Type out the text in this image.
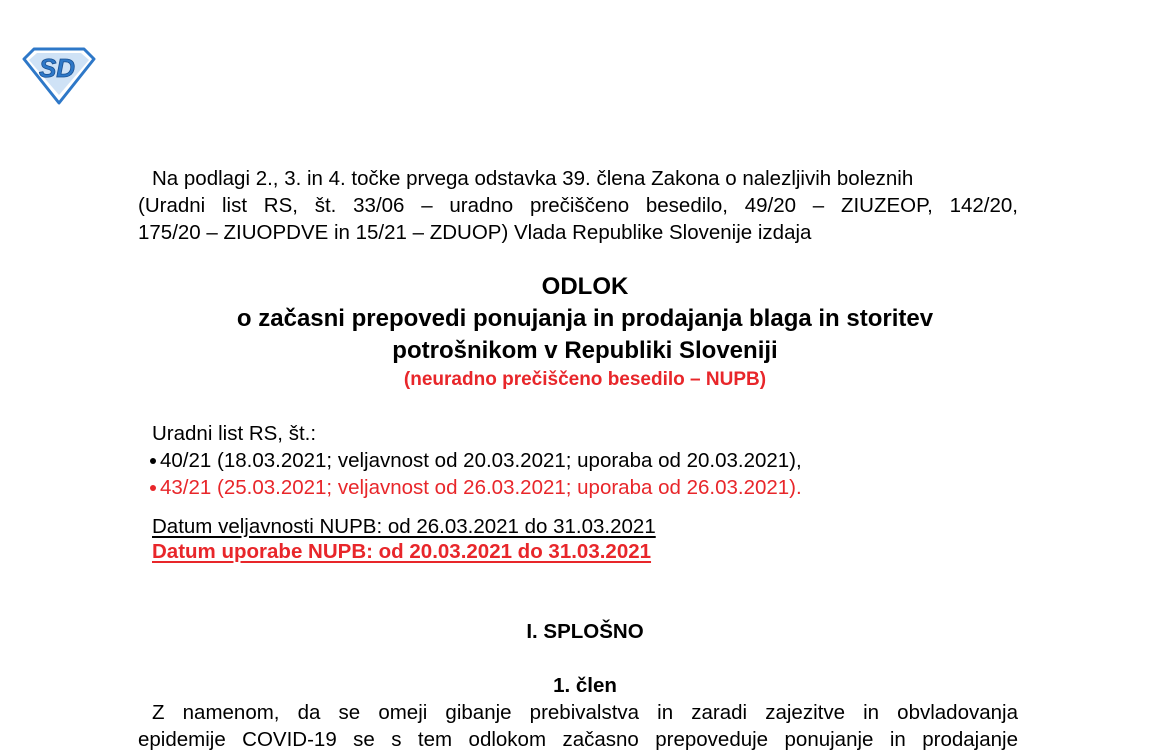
SD
Na podlagi 2., 3. in 4. točke prvega odstavka 39. člena Zakona o nalezljivih boleznih
(Uradni list RS, št. 33/06 – uradno prečiščeno besedilo, 49/20 – ZIUZEOP, 142/20,
175/20 – ZIUOPDVE in 15/21 – ZDUOP) Vlada Republike Slovenije izdaja
ODLOK
o začasni prepovedi ponujanja in prodajanja blaga in storitev
potrošnikom v Republiki Sloveniji
(neuradno prečiščeno besedilo – NUPB)
Uradni list RS, št.:
40/21 (18.03.2021; veljavnost od 20.03.2021; uporaba od 20.03.2021),
43/21 (25.03.2021; veljavnost od 26.03.2021; uporaba od 26.03.2021).
Datum veljavnosti NUPB: od 26.03.2021 do 31.03.2021
Datum uporabe NUPB: od 20.03.2021 do 31.03.2021
I. SPLOŠNO
1. člen
Z namenom, da se omeji gibanje prebivalstva in zaradi zajezitve in obvladovanja
epidemije COVID-19 se s tem odlokom začasno prepoveduje ponujanje in prodajanje
